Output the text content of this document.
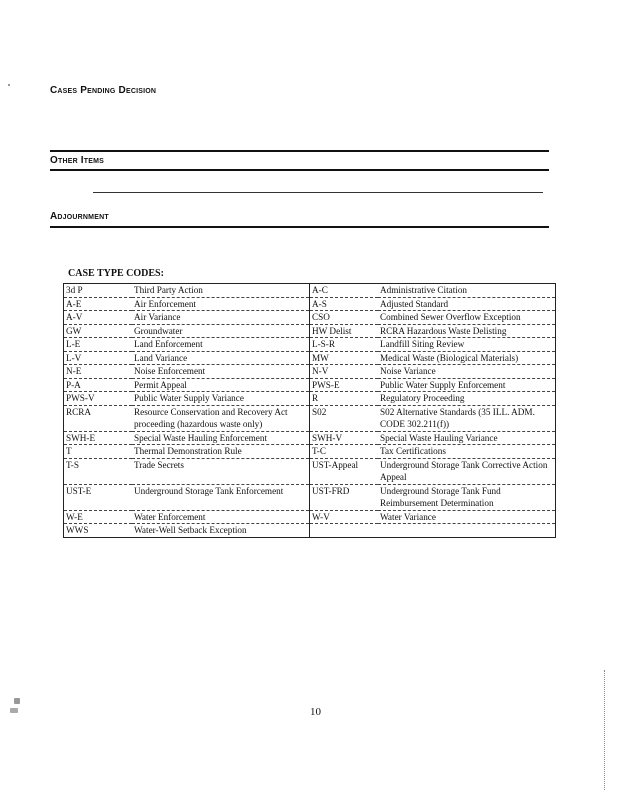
Cases Pending Decision
Other Items
Adjournment
CASE TYPE CODES:
3d P	Third Party Action	A-C	Administrative Citation
A-E	Air Enforcement	A-S	Adjusted Standard
A-V	Air Variance	CSO	Combined Sewer Overflow Exception
GW	Groundwater	HW Delist	RCRA Hazardous Waste Delisting
L-E	Land Enforcement	L-S-R	Landfill Siting Review
L-V	Land Variance	MW	Medical Waste (Biological Materials)
N-E	Noise Enforcement	N-V	Noise Variance
P-A	Permit Appeal	PWS-E	Public Water Supply Enforcement
PWS-V	Public Water Supply Variance	R	Regulatory Proceeding
RCRA	Resource Conservation and Recovery Act proceeding (hazardous waste only)	S02	S02 Alternative Standards (35 ILL. ADM. CODE 302.211(f))
SWH-E	Special Waste Hauling Enforcement	SWH-V	Special Waste Hauling Variance
T	Thermal Demonstration Rule	T-C	Tax Certifications
T-S	Trade Secrets	UST-Appeal	Underground Storage Tank Corrective Action Appeal
UST-E	Underground Storage Tank Enforcement	UST-FRD	Underground Storage Tank Fund Reimbursement Determination
W-E	Water Enforcement	W-V	Water Variance
WWS	Water-Well Setback Exception		
10
